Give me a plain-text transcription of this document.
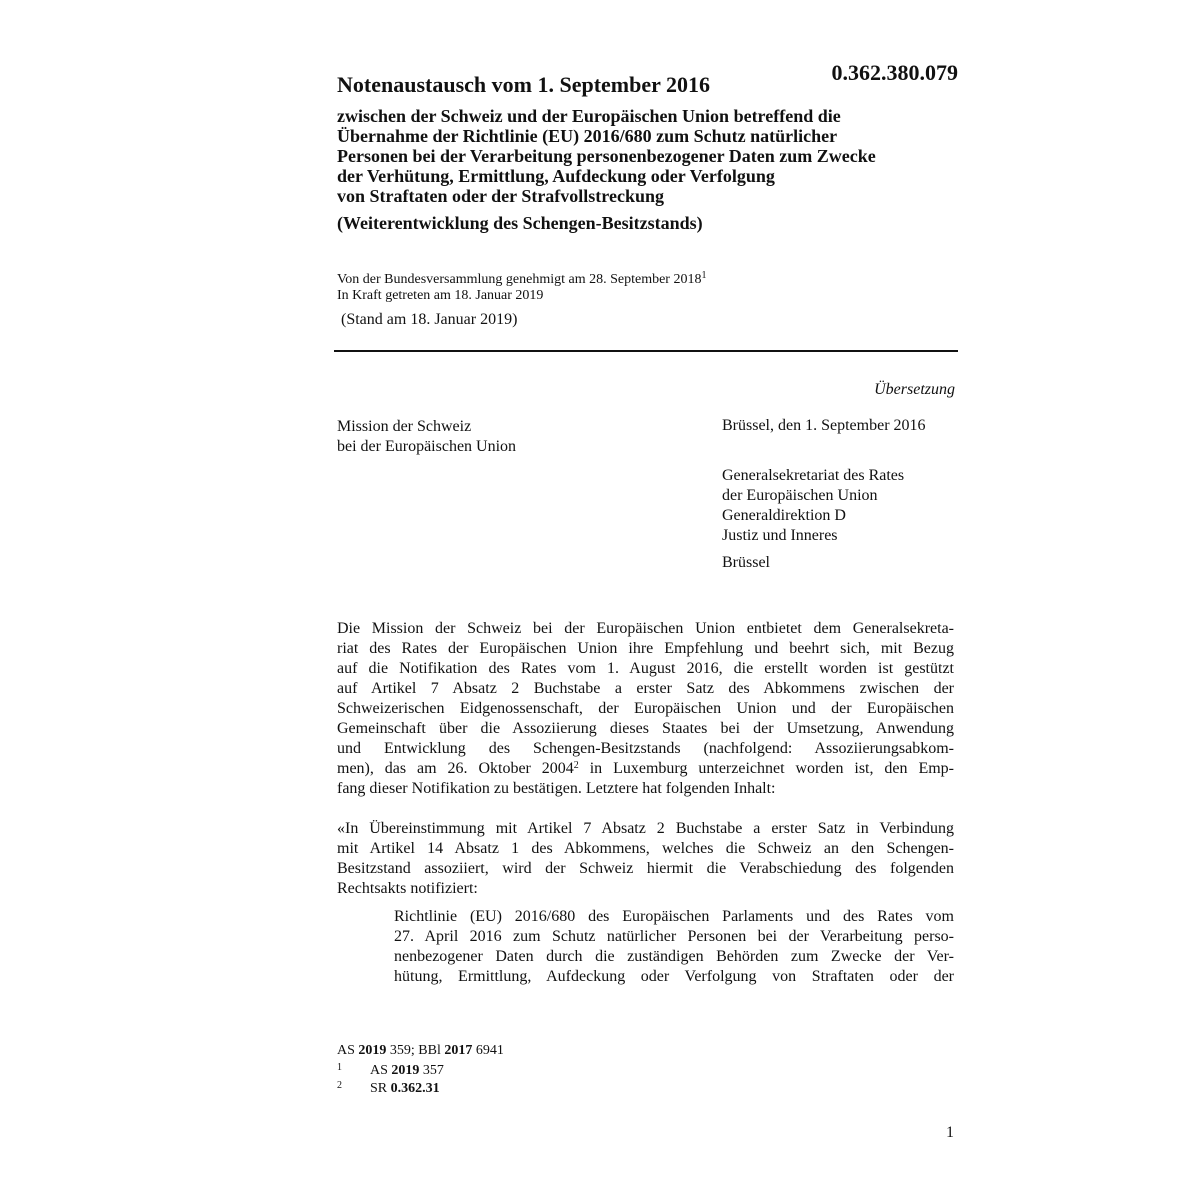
0.362.380.079
Notenaustausch vom 1. September 2016
zwischen der Schweiz und der Europäischen Union betreffend die
Übernahme der Richtlinie (EU) 2016/680 zum Schutz natürlicher
Personen bei der Verarbeitung personenbezogener Daten zum Zwecke
der Verhütung, Ermittlung, Aufdeckung oder Verfolgung
von Straftaten oder der Strafvollstreckung
(Weiterentwicklung des Schengen-Besitzstands)
Von der Bundesversammlung genehmigt am 28. September 2018$^1$
In Kraft getreten am 18. Januar 2019
(Stand am 18. Januar 2019)
Übersetzung
Mission der Schweiz
bei der Europäischen Union
Brüssel, den 1. September 2016
Generalsekretariat des Rates
der Europäischen Union
Generaldirektion D
Justiz und Inneres
Brüssel
Die Mission der Schweiz bei der Europäischen Union entbietet dem Generalsekreta-
riat des Rates der Europäischen Union ihre Empfehlung und beehrt sich, mit Bezug
auf die Notifikation des Rates vom 1. August 2016, die erstellt worden ist gestützt
auf Artikel 7 Absatz 2 Buchstabe a erster Satz des Abkommens zwischen der
Schweizerischen Eidgenossenschaft, der Europäischen Union und der Europäischen
Gemeinschaft über die Assoziierung dieses Staates bei der Umsetzung, Anwendung
und Entwicklung des Schengen-Besitzstands (nachfolgend: Assoziierungsabkom-
men), das am 26. Oktober 2004$^2$ in Luxemburg unterzeichnet worden ist, den Emp-
fang dieser Notifikation zu bestätigen. Letztere hat folgenden Inhalt:
«In Übereinstimmung mit Artikel 7 Absatz 2 Buchstabe a erster Satz in Verbindung
mit Artikel 14 Absatz 1 des Abkommens, welches die Schweiz an den Schengen-
Besitzstand assoziiert, wird der Schweiz hiermit die Verabschiedung des folgenden
Rechtsakts notifiziert:
Richtlinie (EU) 2016/680 des Europäischen Parlaments und des Rates vom
27. April 2016 zum Schutz natürlicher Personen bei der Verarbeitung perso-
nenbezogener Daten durch die zuständigen Behörden zum Zwecke der Ver-
hütung, Ermittlung, Aufdeckung oder Verfolgung von Straftaten oder der
AS 2019 359; BBl 2017 6941
1 AS 2019 357
2 SR 0.362.31
1
